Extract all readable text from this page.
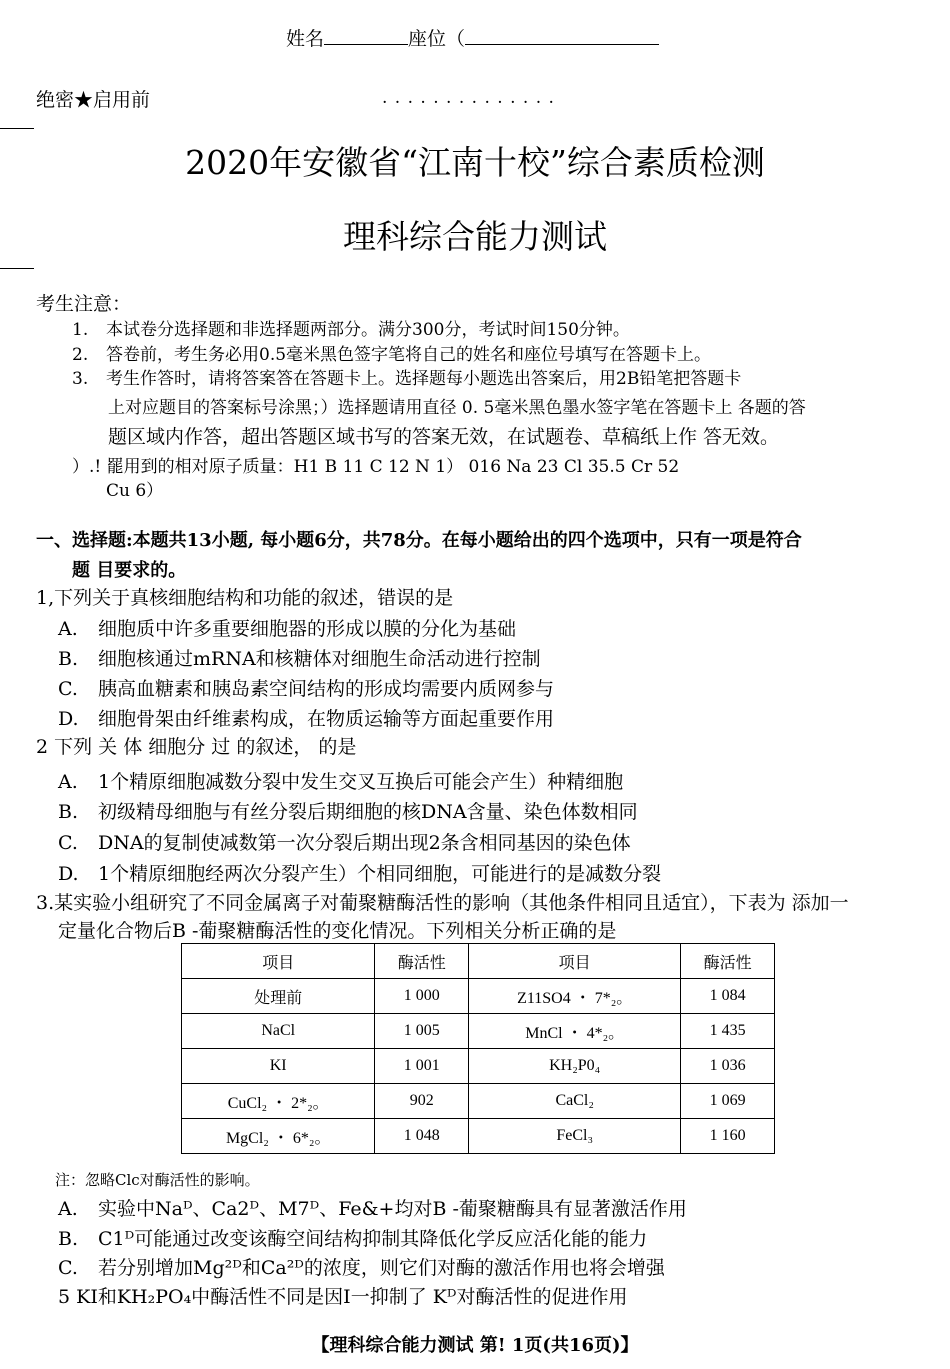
姓名	座位（
绝密★启用前	. . . . . . . . . . . . . .
2020年安徽省“江南十校”综合素质检测
理科综合能力测试
考生注意：
1. 本试卷分选择题和非选择题两部分。满分300分，考试时间150分钟。
2. 答卷前，考生务必用0.5毫米黑色签字笔将自己的姓名和座位号填写在答题卡上。
3. 考生作答时，请将答案答在答题卡上。选择题每小题选出答案后，用2B铅笔把答题卡
上对应题目的答案标号涂黑；）选择题请用直径 0. 5毫米黑色墨水签字笔在答题卡上 各题的答
题区域内作答，超出答题区域书写的答案无效，在试题卷、草稿纸上作 答无效。
）.! 罷用到的相对原子质量：H1 B 11 C 12 N 1） 016 Na 23 Cl 35.5 Cr 52
Cu 6）
一、选择题:本题共13小题, 每小题6分，共78分。在每小题给出的四个选项中，只有一项是符合
题 目要求的。
1,下列关于真核细胞结构和功能的叙述，错误的是
A. 细胞质中许多重要细胞器的形成以膜的分化为基础
B. 细胞核通过mRNA和核糖体对细胞生命活动进行控制
C. 胰高血糖素和胰岛素空间结构的形成均需要内质网参与
D. 细胞骨架由纤维素构成，在物质运输等方面起重要作用
2 下列 关 体 细胞分 过 的叙述， 的是
A. 1个精原细胞减数分裂中发生交叉互换后可能会产生）种精细胞
B. 初级精母细胞与有丝分裂后期细胞的核DNA含量、染色体数相同
C. DNA的复制使减数第一次分裂后期出现2条含相同基因的染色体
D. 1个精原细胞经两次分裂产生）个相同细胞，可能进行的是减数分裂
3.某实验小组研究了不同金属离子对葡聚糖酶活性的影响（其他条件相同且适宜），下表为 添加一
定量化合物后B -葡聚糖酶活性的变化情况。下列相关分析正确的是
项目	酶活性	项目	酶活性
处理前	1 000	Z11SO4 ・ 7*₂。	1 084
NaCl	1 005	MnCl ・ 4*₂。	1 435
KI	1 001	KH₂P0₄	1 036
CuCl₂ ・ 2*₂。	902	CaCl₂	1 069
MgCl₂ ・ 6*₂。	1 048	FeCl₃	1 160
注：忽略Clc对酶活性的影响。
A. 实验中Naᴰ、Ca2ᴰ、M7ᴰ、Fe&+均对B -葡聚糖酶具有显著激活作用
B. C1ᴰ可能通过改变该酶空间结构抑制其降低化学反应活化能的能力
C. 若分别增加Mg²ᴰ和Ca²ᴰ的浓度，则它们对酶的激活作用也将会增强
5 KI和KH₂PO₄中酶活性不同是因I一抑制了 Kᴰ对酶活性的促进作用
【理科综合能力测试 第! 1页(共16页)】
